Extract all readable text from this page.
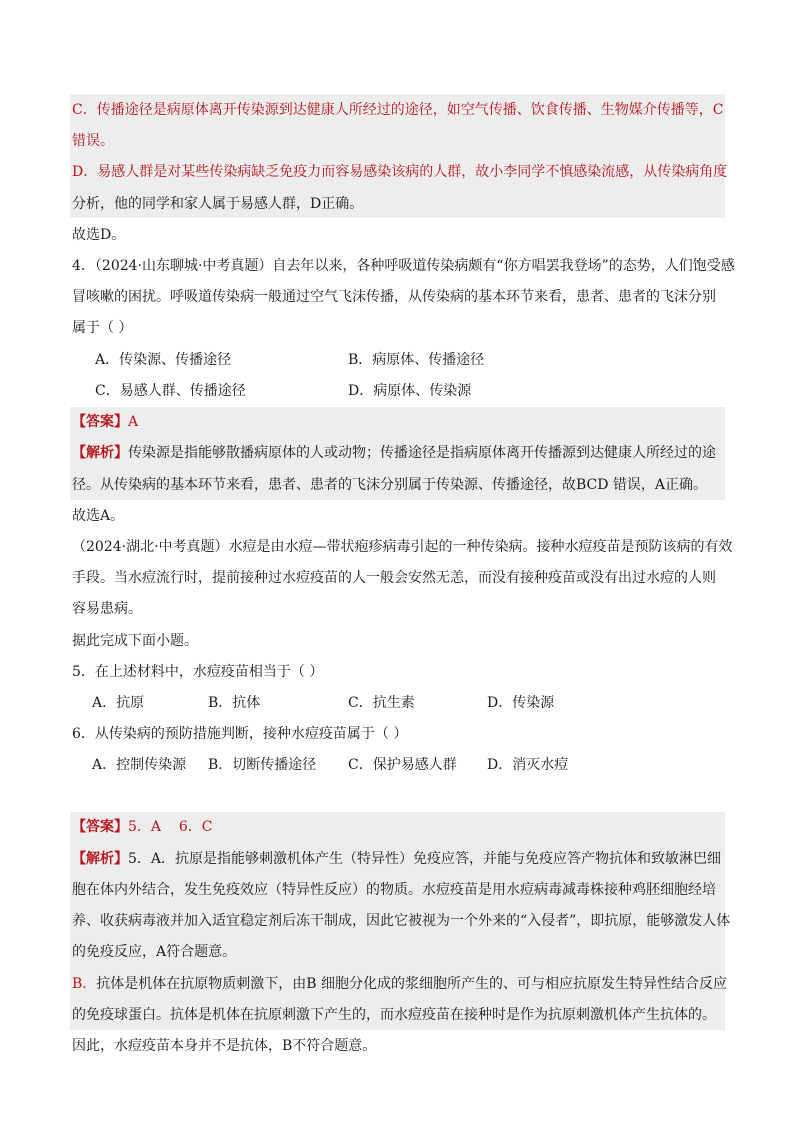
C．传播途径是病原体离开传染源到达健康人所经过的途径，如空气传播、饮食传播、生物媒介传播等，C
错误。
D．易感人群是对某些传染病缺乏免疫力而容易感染该病的人群，故小李同学不慎感染流感，从传染病角度
分析，他的同学和家人属于易感人群，D正确。
故选D。
4．（2024·山东聊城·中考真题）自去年以来，各种呼吸道传染病颇有“你方唱罢我登场”的态势，人们饱受感
冒咳嗽的困扰。呼吸道传染病一般通过空气飞沫传播，从传染病的基本环节来看，患者、患者的飞沫分别
属于（ ）
A．传染源、传播途径	B．病原体、传播途径
C．易感人群、传播途径	D．病原体、传染源
【答案】A
【解析】传染源是指能够散播病原体的人或动物；传播途径是指病原体离开传播源到达健康人所经过的途
径。从传染病的基本环节来看，患者、患者的飞沫分别属于传染源、传播途径，故BCD 错误，A正确。
故选A。
（2024·湖北·中考真题）水痘是由水痘—带状疱疹病毒引起的一种传染病。接种水痘疫苗是预防该病的有效
手段。当水痘流行时，提前接种过水痘疫苗的人一般会安然无恙，而没有接种疫苗或没有出过水痘的人则
容易患病。
据此完成下面小题。
5．在上述材料中，水痘疫苗相当于（ ）
A．抗原	B．抗体	C．抗生素	D．传染源
6．从传染病的预防措施判断，接种水痘疫苗属于（ ）
A．控制传染源 B．切断传播途径 C．保护易感人群 D．消灭水痘
【答案】5．A    6．C
【解析】5．A．抗原是指能够刺激机体产生（特异性）免疫应答，并能与免疫应答产物抗体和致敏淋巴细
胞在体内外结合，发生免疫效应（特异性反应）的物质。水痘疫苗是用水痘病毒减毒株接种鸡胚细胞经培
养、收获病毒液并加入适宜稳定剂后冻干制成，因此它被视为一个外来的“入侵者”，即抗原，能够激发人体
的免疫反应，A符合题意。
B．抗体是机体在抗原物质刺激下，由B 细胞分化成的浆细胞所产生的、可与相应抗原发生特异性结合反应
的免疫球蛋白。抗体是机体在抗原刺激下产生的，而水痘疫苗在接种时是作为抗原刺激机体产生抗体的。
因此，水痘疫苗本身并不是抗体，B不符合题意。
